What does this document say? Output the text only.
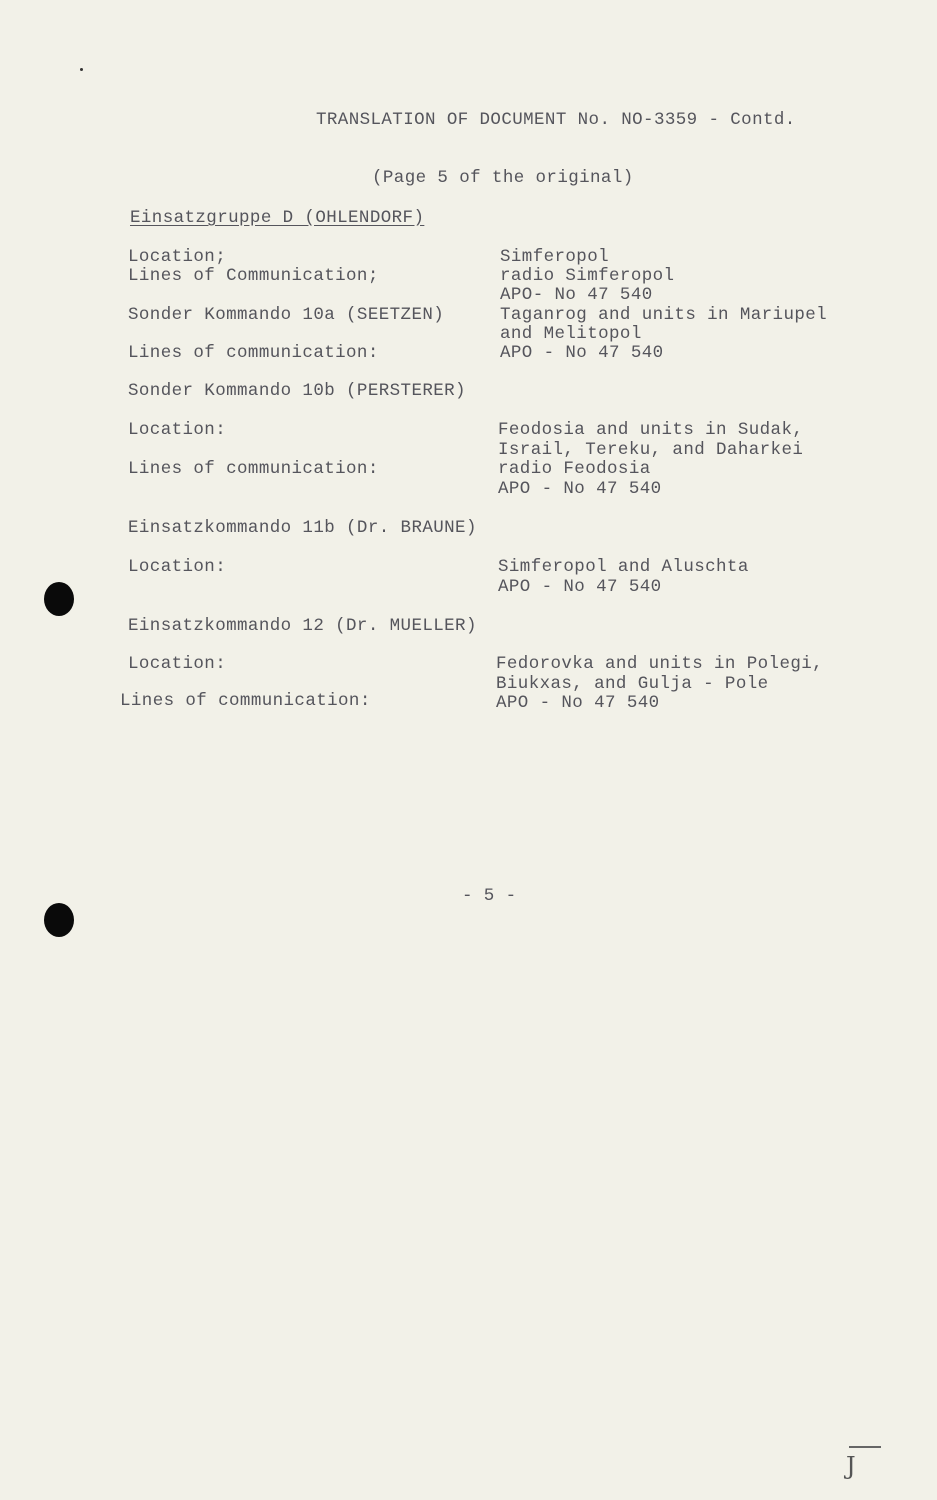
TRANSLATION OF DOCUMENT No. NO-3359 - Contd.
(Page 5 of the original)
Einsatzgruppe D (OHLENDORF)
Location;	Simferopol
Lines of Communication;	radio Simferopol
APO- No 47 540
Sonder Kommando 10a (SEETZEN)	Taganrog and units in Mariupel
and Melitopol
Lines of communication:	APO - No 47 540
Sonder Kommando 10b (PERSTERER)
Location:	Feodosia and units in Sudak,
Israil, Tereku, and Daharkei
Lines of communication:	radio Feodosia
APO - No 47 540
Einsatzkommando 11b (Dr. BRAUNE)
Location:	Simferopol and Aluschta
APO - No 47 540
Einsatzkommando 12 (Dr. MUELLER)
Location:	Fedorovka and units in Polegi,
Biukxas, and Gulja - Pole
Lines of communication:	APO - No 47 540
- 5 -
J
